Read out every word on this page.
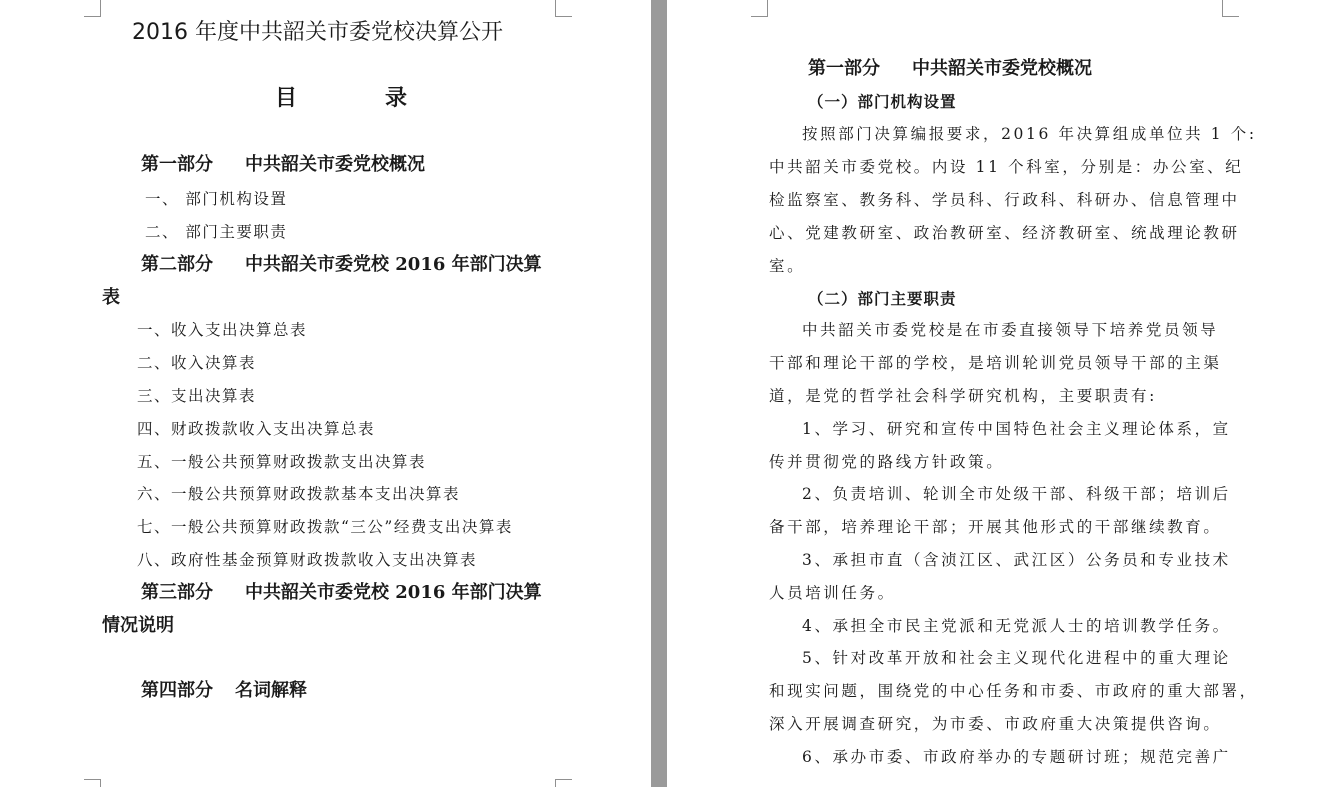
2016 年度中共韶关市委党校决算公开
目录
第一部分 中共韶关市委党校概况
一、 部门机构设置
二、 部门主要职责
第二部分 中共韶关市委党校 2016 年部门决算
表
一、收入支出决算总表
二、收入决算表
三、支出决算表
四、财政拨款收入支出决算总表
五、一般公共预算财政拨款支出决算表
六、一般公共预算财政拨款基本支出决算表
七、一般公共预算财政拨款“三公”经费支出决算表
八、政府性基金预算财政拨款收入支出决算表
第三部分 中共韶关市委党校 2016 年部门决算
情况说明
第四部分 名词解释
第一部分 中共韶关市委党校概况
（一）部门机构设置
按照部门决算编报要求，2016 年决算组成单位共 1 个:
中共韶关市委党校。内设 11 个科室，分别是：办公室、纪
检监察室、教务科、学员科、行政科、科研办、信息管理中
心、党建教研室、政治教研室、经济教研室、统战理论教研
室。
（二）部门主要职责
中共韶关市委党校是在市委直接领导下培养党员领导
干部和理论干部的学校，是培训轮训党员领导干部的主渠
道，是党的哲学社会科学研究机构，主要职责有:
1、学习、研究和宣传中国特色社会主义理论体系，宣
传并贯彻党的路线方针政策。
2、负责培训、轮训全市处级干部、科级干部；培训后
备干部，培养理论干部；开展其他形式的干部继续教育。
3、承担市直（含浈江区、武江区）公务员和专业技术
人员培训任务。
4、承担全市民主党派和无党派人士的培训教学任务。
5、针对改革开放和社会主义现代化进程中的重大理论
和现实问题，围绕党的中心任务和市委、市政府的重大部署，
深入开展调查研究，为市委、市政府重大决策提供咨询。
6、承办市委、市政府举办的专题研讨班；规范完善广
